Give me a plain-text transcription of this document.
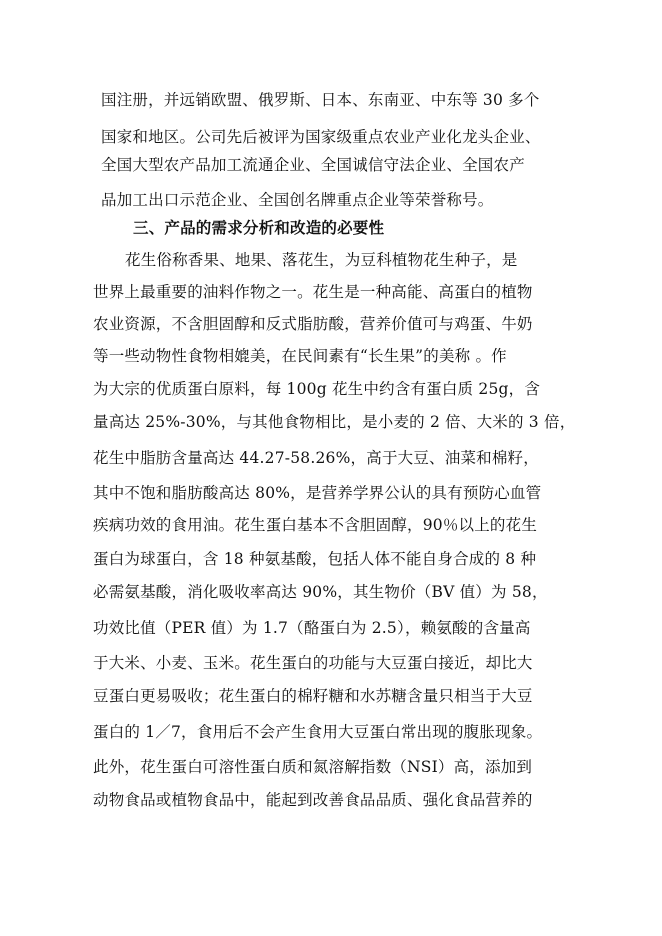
国注册，并远销欧盟、俄罗斯、日本、东南亚、中东等 30 多个
国家和地区。公司先后被评为国家级重点农业产业化龙头企业、
全国大型农产品加工流通企业、全国诚信守法企业、全国农产
品加工出口示范企业、全国创名牌重点企业等荣誉称号。
三、产品的需求分析和改造的必要性
花生俗称香果、地果、落花生，为豆科植物花生种子，是
世界上最重要的油料作物之一。花生是一种高能、高蛋白的植物
农业资源，不含胆固醇和反式脂肪酸，营养价值可与鸡蛋、牛奶
等一些动物性食物相媲美，在民间素有“长生果”的美称 。作
为大宗的优质蛋白原料，每 100g 花生中约含有蛋白质 25g，含
量高达 25%-30%，与其他食物相比，是小麦的 2 倍、大米的 3 倍，
花生中脂肪含量高达 44.27-58.26%，高于大豆、油菜和棉籽，
其中不饱和脂肪酸高达 80%，是营养学界公认的具有预防心血管
疾病功效的食用油。花生蛋白基本不含胆固醇，90％以上的花生
蛋白为球蛋白，含 18 种氨基酸，包括人体不能自身合成的 8 种
必需氨基酸，消化吸收率高达 90%，其生物价（BV 值）为 58，
功效比值（PER 值）为 1.7（酪蛋白为 2.5），赖氨酸的含量高
于大米、小麦、玉米。花生蛋白的功能与大豆蛋白接近，却比大
豆蛋白更易吸收；花生蛋白的棉籽糖和水苏糖含量只相当于大豆
蛋白的 1／7，食用后不会产生食用大豆蛋白常出现的腹胀现象。
此外，花生蛋白可溶性蛋白质和氮溶解指数（NSI）高，添加到
动物食品或植物食品中，能起到改善食品品质、强化食品营养的
